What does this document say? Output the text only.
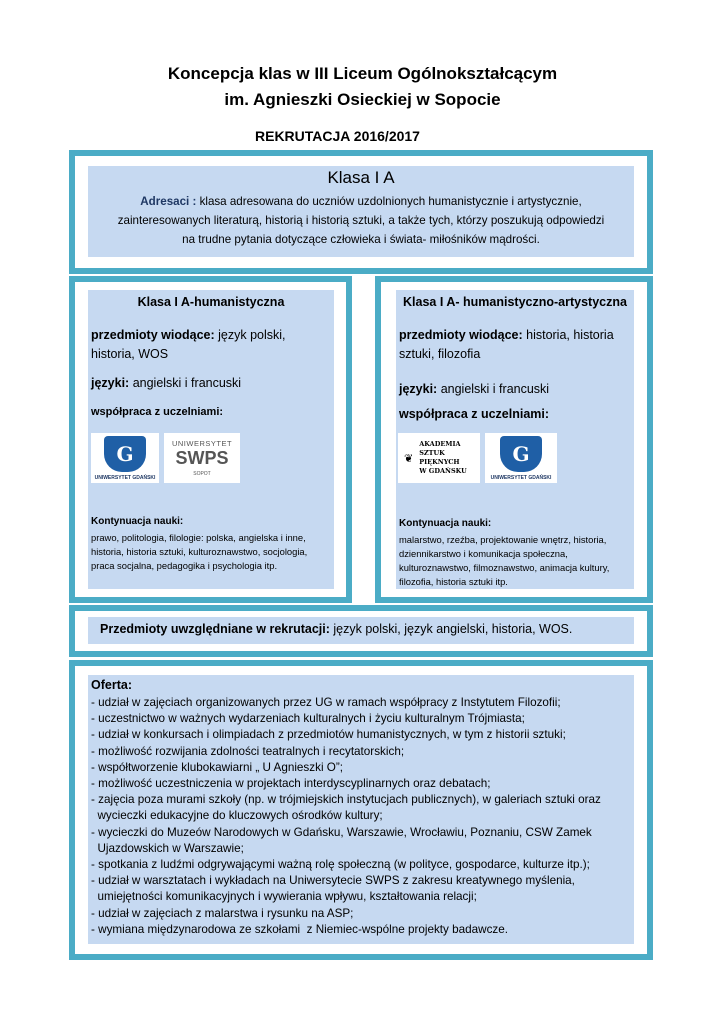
Koncepcja klas w III Liceum Ogólnokształcącym
im. Agnieszki Osieckiej w Sopocie
REKRUTACJA 2016/2017
Klasa I A
Adresaci : klasa adresowana do uczniów uzdolnionych humanistycznie i artystycznie,
zainteresowanych literaturą, historią i historią sztuki, a także tych, którzy poszukują odpowiedzi
na trudne pytania dotyczące człowieka i świata- miłośników mądrości.
Klasa I A-humanistyczna
przedmioty wiodące: język polski,
historia, WOS
języki: angielski i francuski
współpraca z uczelniami:
G
UNIWERSYTET GDAŃSKI
UNIWERSYTET
SWPS
SOPOT
Kontynuacja nauki:
prawo, politologia, filologie: polska, angielska i inne,
historia, historia sztuki, kulturoznawstwo, socjologia,
praca socjalna, pedagogika i psychologia itp.
Klasa I A- humanistyczno-artystyczna
przedmioty wiodące: historia, historia
sztuki, filozofia
języki: angielski i francuski
współpraca z uczelniami:
❦
AKADEMIA
SZTUK
PIĘKNYCH
W GDAŃSKU
G
UNIWERSYTET GDAŃSKI
Kontynuacja nauki:
malarstwo, rzeźba, projektowanie wnętrz, historia,
dziennikarstwo i komunikacja społeczna,
kulturoznawstwo, filmoznawstwo, animacja kultury,
filozofia, historia sztuki itp.
Przedmioty uwzględniane w rekrutacji: język polski, język angielski, historia, WOS.
Oferta:
- udział w zajęciach organizowanych przez UG w ramach współpracy z Instytutem Filozofii;
- uczestnictwo w ważnych wydarzeniach kulturalnych i życiu kulturalnym Trójmiasta;
- udział w konkursach i olimpiadach z przedmiotów humanistycznych, w tym z historii sztuki;
- możliwość rozwijania zdolności teatralnych i recytatorskich;
- współtworzenie klubokawiarni „ U Agnieszki O”;
- możliwość uczestniczenia w projektach interdyscyplinarnych oraz debatach;
- zajęcia poza murami szkoły (np. w trójmiejskich instytucjach publicznych), w galeriach sztuki oraz
wycieczki edukacyjne do kluczowych ośrodków kultury;
- wycieczki do Muzeów Narodowych w Gdańsku, Warszawie, Wrocławiu, Poznaniu, CSW Zamek
Ujazdowskich w Warszawie;
- spotkania z ludźmi odgrywającymi ważną rolę społeczną (w polityce, gospodarce, kulturze itp.);
- udział w warsztatach i wykładach na Uniwersytecie SWPS z zakresu kreatywnego myślenia,
umiejętności komunikacyjnych i wywierania wpływu, kształtowania relacji;
- udział w zajęciach z malarstwa i rysunku na ASP;
- wymiana międzynarodowa ze szkołami  z Niemiec-wspólne projekty badawcze.
